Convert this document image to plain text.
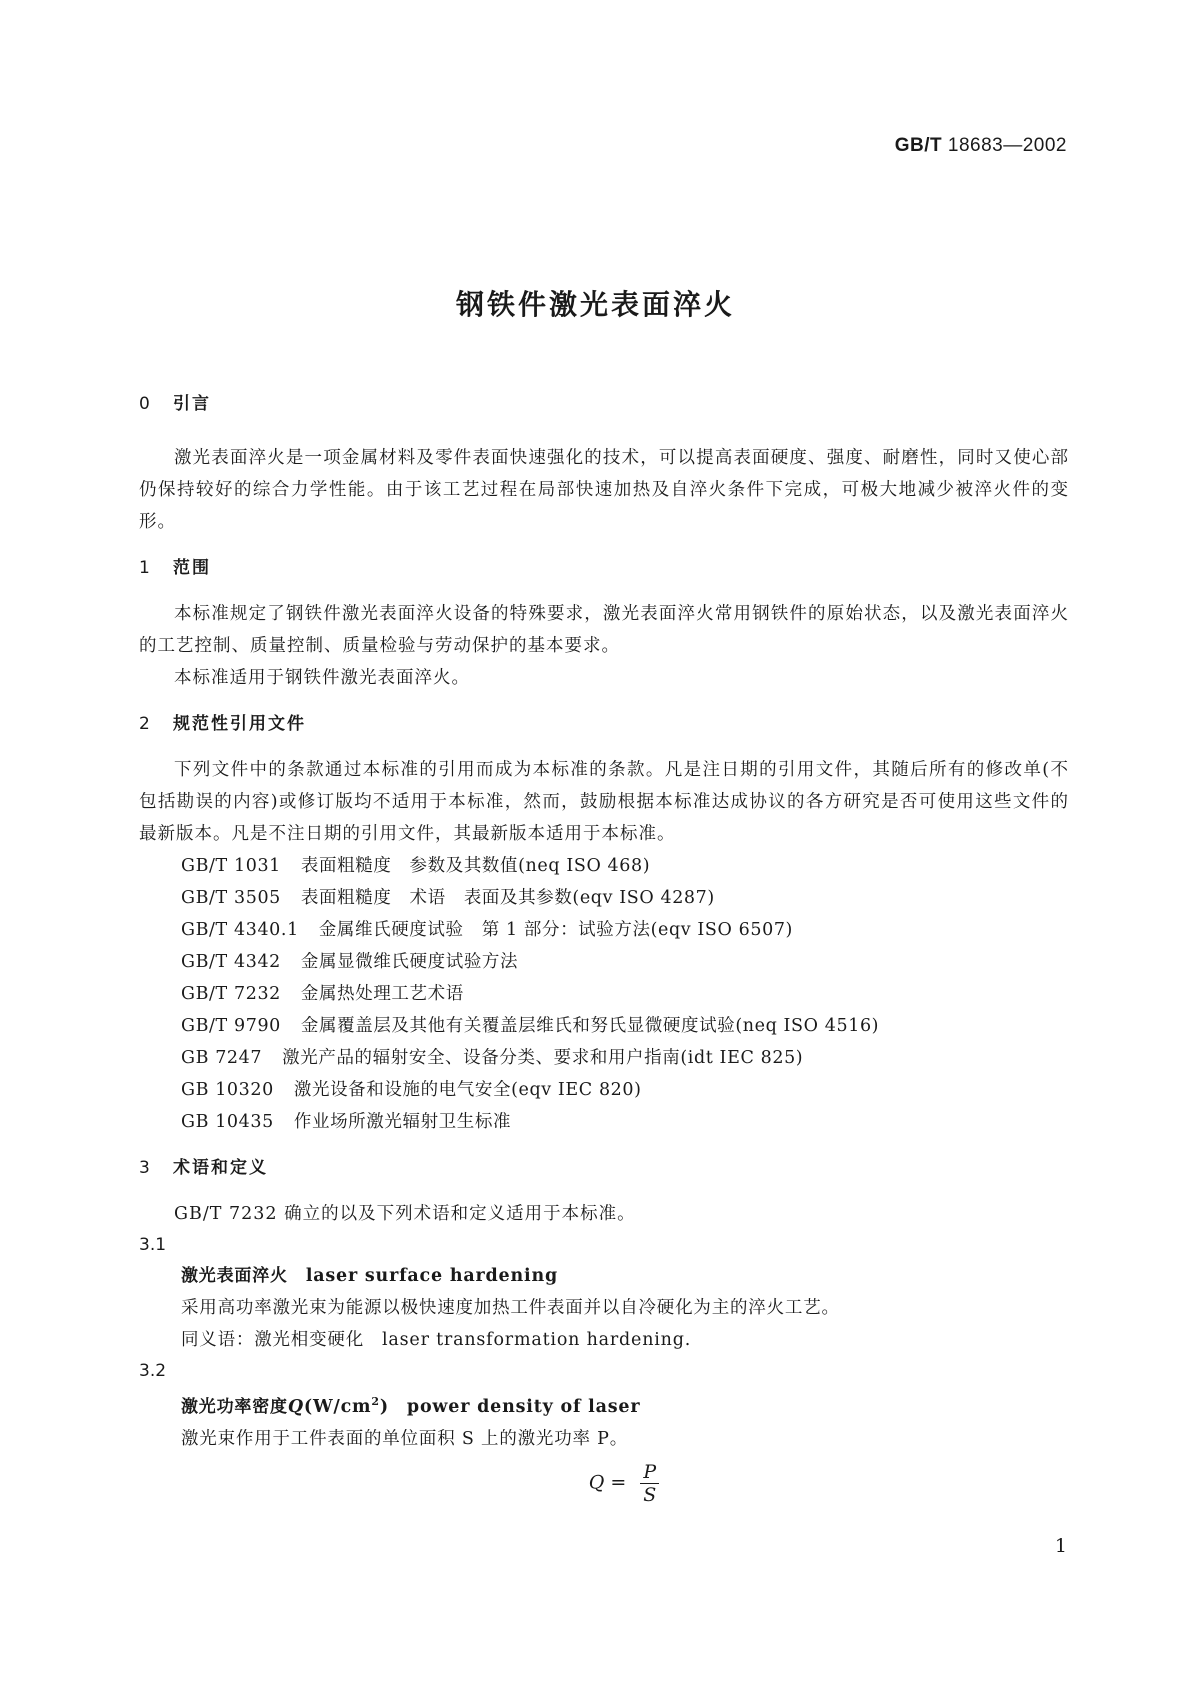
GB/T 18683—2002
钢铁件激光表面淬火
0 引言
激光表面淬火是一项金属材料及零件表面快速强化的技术，可以提高表面硬度、强度、耐磨性，同时又使心部仍保持较好的综合力学性能。由于该工艺过程在局部快速加热及自淬火条件下完成，可极大地减少被淬火件的变形。
1 范围
本标准规定了钢铁件激光表面淬火设备的特殊要求，激光表面淬火常用钢铁件的原始状态，以及激光表面淬火的工艺控制、质量控制、质量检验与劳动保护的基本要求。
本标准适用于钢铁件激光表面淬火。
2 规范性引用文件
下列文件中的条款通过本标准的引用而成为本标准的条款。凡是注日期的引用文件，其随后所有的修改单(不包括勘误的内容)或修订版均不适用于本标准，然而，鼓励根据本标准达成协议的各方研究是否可使用这些文件的最新版本。凡是不注日期的引用文件，其最新版本适用于本标准。
GB/T 1031 表面粗糙度　参数及其数值(neq ISO 468)
GB/T 3505 表面粗糙度　术语　表面及其参数(eqv ISO 4287)
GB/T 4340.1 金属维氏硬度试验　第 1 部分：试验方法(eqv ISO 6507)
GB/T 4342 金属显微维氏硬度试验方法
GB/T 7232 金属热处理工艺术语
GB/T 9790 金属覆盖层及其他有关覆盖层维氏和努氏显微硬度试验(neq ISO 4516)
GB 7247 激光产品的辐射安全、设备分类、要求和用户指南(idt IEC 825)
GB 10320 激光设备和设施的电气安全(eqv IEC 820)
GB 10435 作业场所激光辐射卫生标准
3 术语和定义
GB/T 7232 确立的以及下列术语和定义适用于本标准。
3.1
激光表面淬火 laser surface hardening
采用高功率激光束为能源以极快速度加热工件表面并以自冷硬化为主的淬火工艺。
同义语：激光相变硬化 laser transformation hardening.
3.2
激光功率密度$Q(W/cm^2)$ power density of laser
激光束作用于工件表面的单位面积 S 上的激光功率 P。
$Q = \frac{P}{S}$
1
